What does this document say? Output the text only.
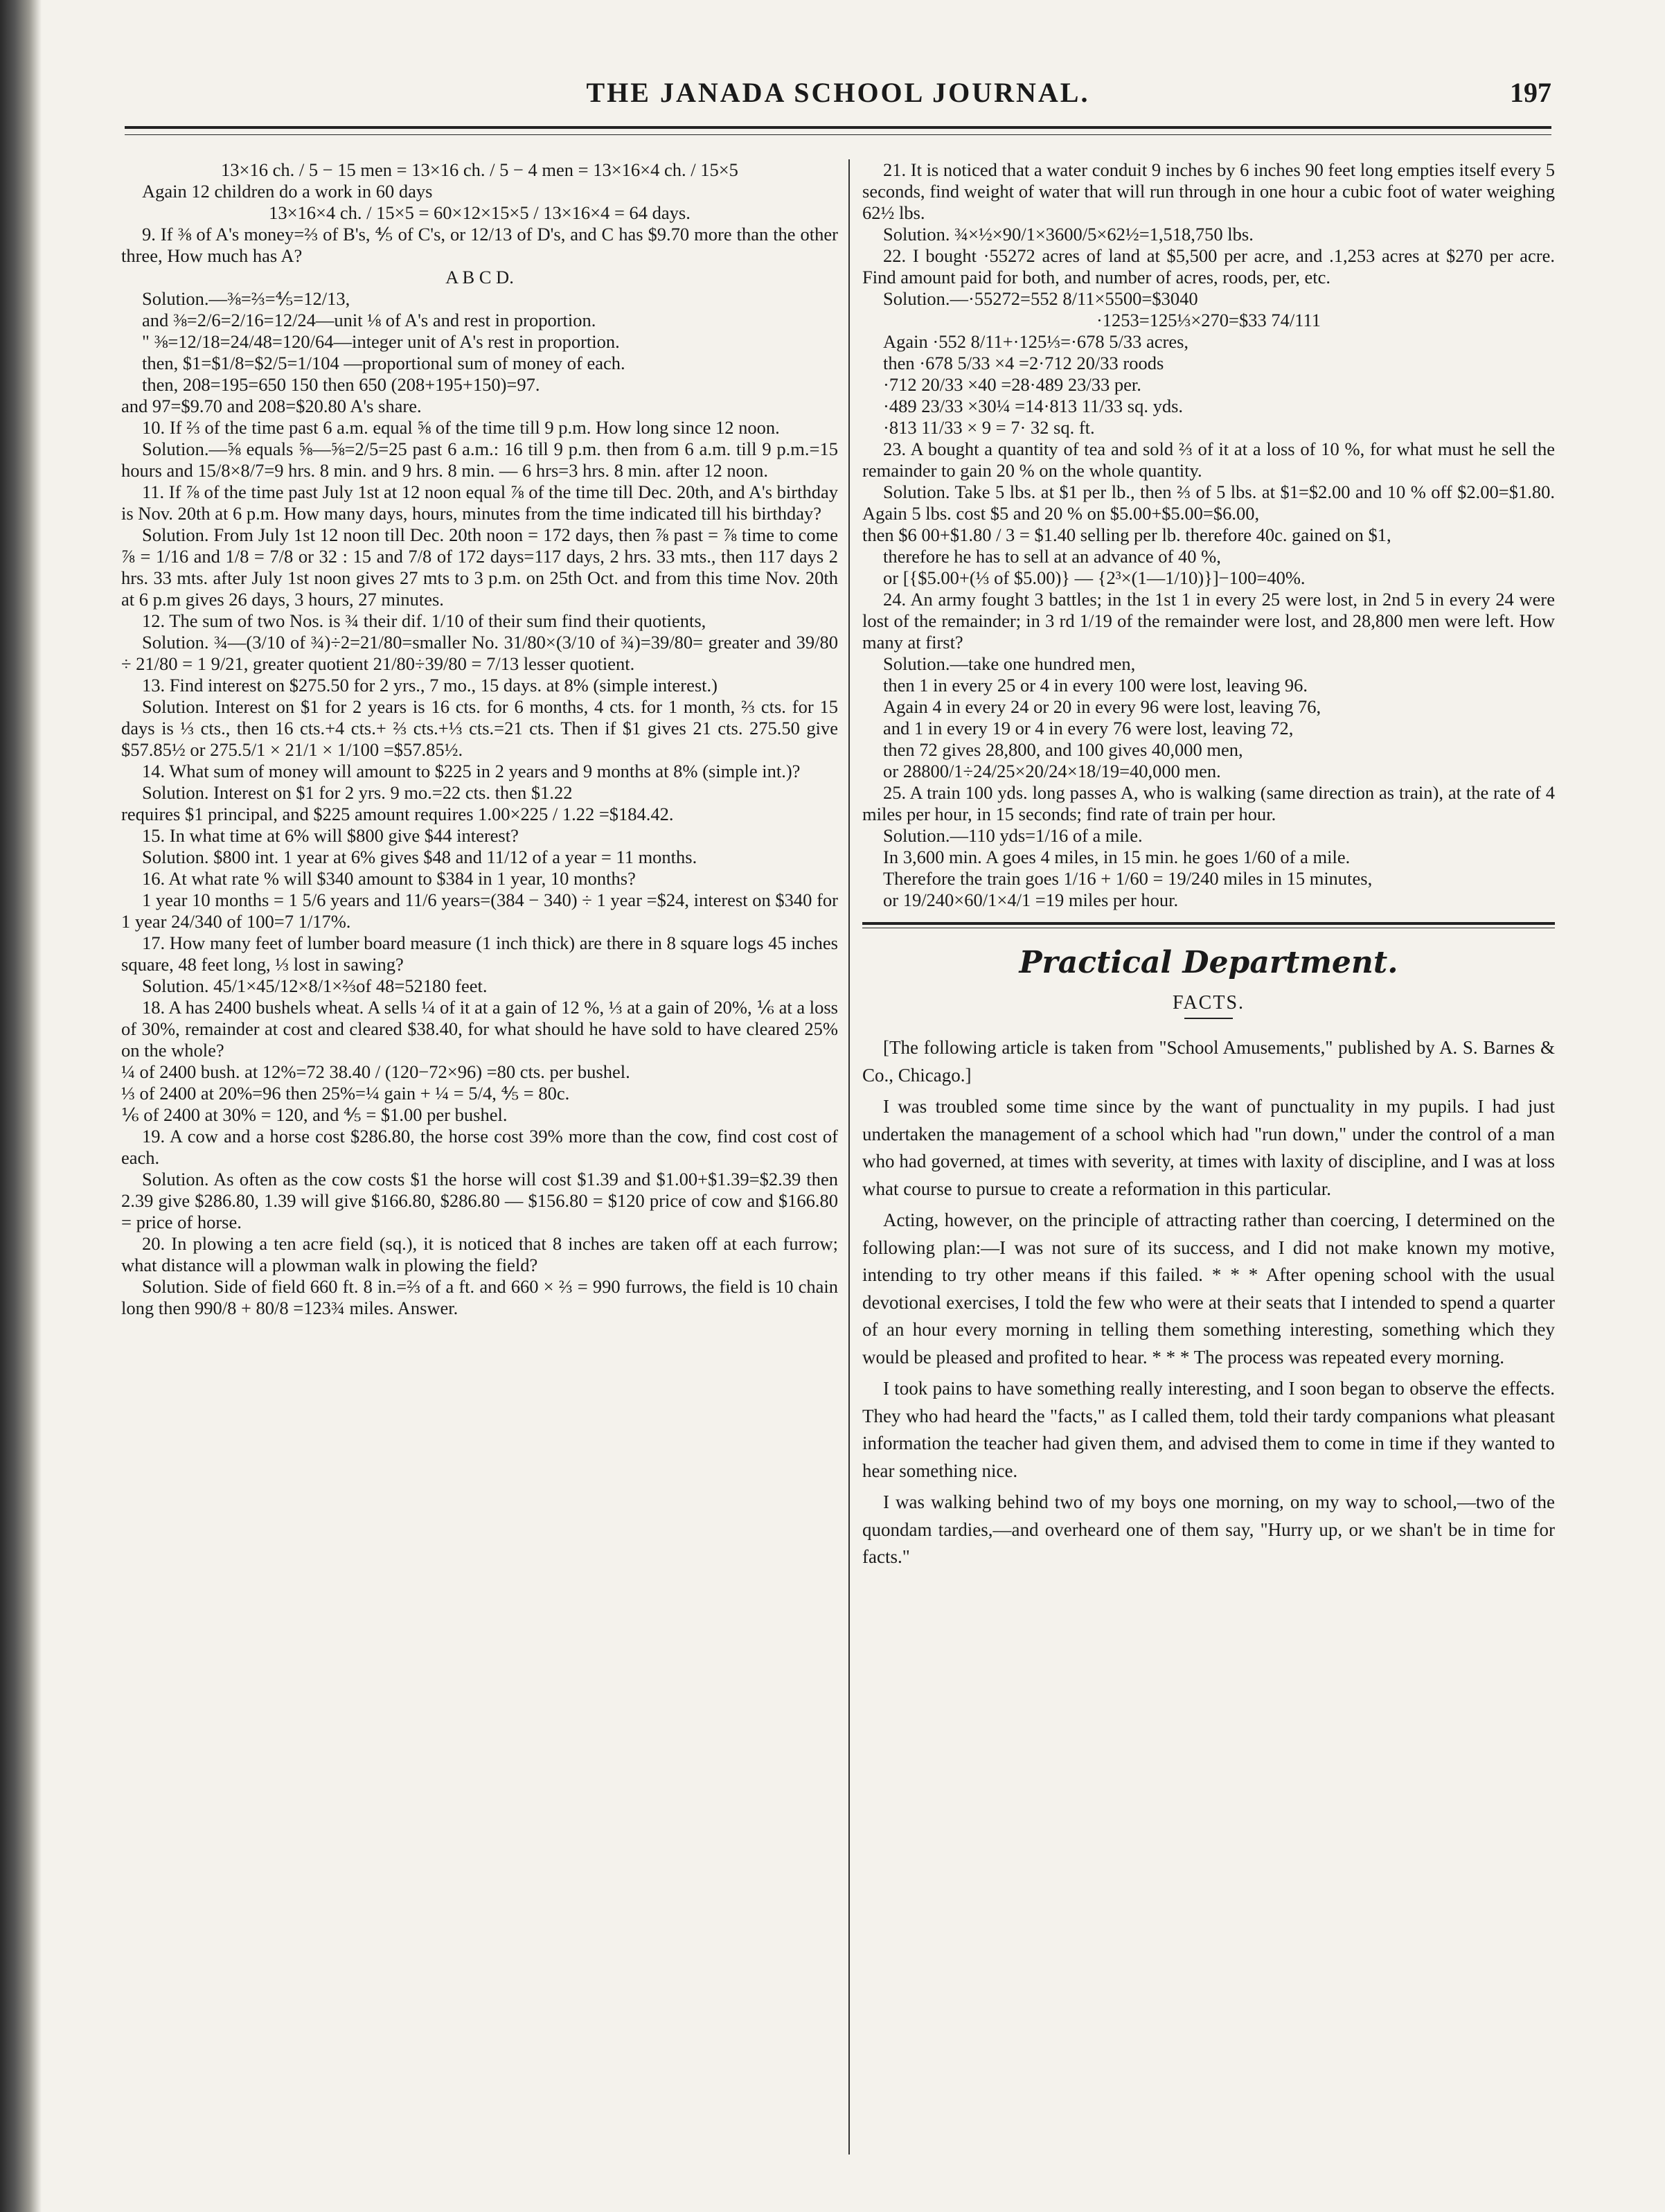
THE JANADA SCHOOL JOURNAL.	197

13×16 ch. / 5 − 15 men = 13×16 ch. / 5 − 4 men = 13×16×4 ch. / 15×5

Again 12 children do a work in 60 days

13×16×4 ch. / 15×5 = 60×12×15×5 / 13×16×4 = 64 days.

9. If ⅜ of A's money=⅔ of B's, ⅘ of C's, or 12/13 of D's, and C has $9.70 more than the other three, How much has A?

A B C D.

Solution.—⅜=⅔=⅘=12/13,

and ⅜=2/6=2/16=12/24—unit ⅛ of A's and rest in proportion.

" ⅜=12/18=24/48=120/64—integer unit of A's rest in proportion.

then, $1=$1/8=$2/5=1/104 —proportional sum of money of each.

then, 208=195=650 150 then 650 (208+195+150)=97.

and 97=$9.70 and 208=$20.80 A's share.

10. If ⅔ of the time past 6 a.m. equal ⅝ of the time till 9 p.m. How long since 12 noon.

Solution.—⅝ equals ⅝—⅝=2/5=25 past 6 a.m.: 16 till 9 p.m. then from 6 a.m. till 9 p.m.=15 hours and 15/8×8/7=9 hrs. 8 min. and 9 hrs. 8 min. — 6 hrs=3 hrs. 8 min. after 12 noon.

11. If ⅞ of the time past July 1st at 12 noon equal ⅞ of the time till Dec. 20th, and A's birthday is Nov. 20th at 6 p.m. How many days, hours, minutes from the time indicated till his birthday?

Solution. From July 1st 12 noon till Dec. 20th noon = 172 days, then ⅞ past = ⅞ time to come ⅞ = 1/16 and 1/8 = 7/8 or 32 : 15 and 7/8 of 172 days=117 days, 2 hrs. 33 mts., then 117 days 2 hrs. 33 mts. after July 1st noon gives 27 mts to 3 p.m. on 25th Oct. and from this time Nov. 20th at 6 p.m gives 26 days, 3 hours, 27 minutes.

12. The sum of two Nos. is ¾ their dif. 1/10 of their sum find their quotients,

Solution. ¾—(3/10 of ¾)÷2=21/80=smaller No. 31/80×(3/10 of ¾)=39/80= greater and 39/80 ÷ 21/80 = 1 9/21, greater quotient 21/80÷39/80 = 7/13 lesser quotient.

13. Find interest on $275.50 for 2 yrs., 7 mo., 15 days. at 8% (simple interest.)

Solution. Interest on $1 for 2 years is 16 cts. for 6 months, 4 cts. for 1 month, ⅔ cts. for 15 days is ⅓ cts., then 16 cts.+4 cts.+ ⅔ cts.+⅓ cts.=21 cts. Then if $1 gives 21 cts. 275.50 give $57.85½ or 275.5/1 × 21/1 × 1/100 =$57.85½.

14. What sum of money will amount to $225 in 2 years and 9 months at 8% (simple int.)?

Solution. Interest on $1 for 2 yrs. 9 mo.=22 cts. then $1.22

requires $1 principal, and $225 amount requires 1.00×225 / 1.22 =$184.42.

15. In what time at 6% will $800 give $44 interest?

Solution. $800 int. 1 year at 6% gives $48 and 11/12 of a year = 11 months.

16. At what rate % will $340 amount to $384 in 1 year, 10 months?

1 year 10 months = 1 5/6 years and 11/6 years=(384 − 340) ÷ 1 year =$24, interest on $340 for 1 year 24/340 of 100=7 1/17%.

17. How many feet of lumber board measure (1 inch thick) are there in 8 square logs 45 inches square, 48 feet long, ⅓ lost in sawing?

Solution. 45/1×45/12×8/1×⅔of 48=52180 feet.

18. A has 2400 bushels wheat. A sells ¼ of it at a gain of 12 %, ⅓ at a gain of 20%, ⅙ at a loss of 30%, remainder at cost and cleared $38.40, for what should he have sold to have cleared 25% on the whole?

¼ of 2400 bush. at 12%=72 38.40 / (120−72×96) =80 cts. per bushel.

⅓ of 2400 at 20%=96 then 25%=¼ gain + ¼ = 5/4, ⅘ = 80c.

⅙ of 2400 at 30% = 120, and ⅘ = $1.00 per bushel.

19. A cow and a horse cost $286.80, the horse cost 39% more than the cow, find cost cost of each.

Solution. As often as the cow costs $1 the horse will cost $1.39 and $1.00+$1.39=$2.39 then 2.39 give $286.80, 1.39 will give $166.80, $286.80 — $156.80 = $120 price of cow and $166.80 = price of horse.

20. In plowing a ten acre field (sq.), it is noticed that 8 inches are taken off at each furrow; what distance will a plowman walk in plowing the field?

Solution. Side of field 660 ft. 8 in.=⅔ of a ft. and 660 × ⅔ = 990 furrows, the field is 10 chain long then 990/8 + 80/8 =123¾ miles. Answer.

21. It is noticed that a water conduit 9 inches by 6 inches 90 feet long empties itself every 5 seconds, find weight of water that will run through in one hour a cubic foot of water weighing 62½ lbs.

Solution. ¾×½×90/1×3600/5×62½=1,518,750 lbs.

22. I bought ·55272 acres of land at $5,500 per acre, and .1,253 acres at $270 per acre. Find amount paid for both, and number of acres, roods, per, etc.

Solution.—·55272=552 8/11×5500=$3040

·1253=125⅓×270=$33 74/111

Again ·552 8/11+·125⅓=·678 5/33 acres,

then ·678 5/33 ×4 =2·712 20/33 roods

·712 20/33 ×40 =28·489 23/33 per.

·489 23/33 ×30¼ =14·813 11/33 sq. yds.

·813 11/33 × 9 = 7· 32 sq. ft.

23. A bought a quantity of tea and sold ⅔ of it at a loss of 10 %, for what must he sell the remainder to gain 20 % on the whole quantity.

Solution. Take 5 lbs. at $1 per lb., then ⅔ of 5 lbs. at $1=$2.00 and 10 % off $2.00=$1.80. Again 5 lbs. cost $5 and 20 % on $5.00+$5.00=$6.00,

then $6 00+$1.80 / 3 = $1.40 selling per lb. therefore 40c. gained on $1,

therefore he has to sell at an advance of 40 %,

or [{$5.00+(⅓ of $5.00)} — {2³×(1—1/10)}]−100=40%.

24. An army fought 3 battles; in the 1st 1 in every 25 were lost, in 2nd 5 in every 24 were lost of the remainder; in 3 rd 1/19 of the remainder were lost, and 28,800 men were left. How many at first?

Solution.—take one hundred men,

then 1 in every 25 or 4 in every 100 were lost, leaving 96.

Again 4 in every 24 or 20 in every 96 were lost, leaving 76,

and 1 in every 19 or 4 in every 76 were lost, leaving 72,

then 72 gives 28,800, and 100 gives 40,000 men,

or 28800/1÷24/25×20/24×18/19=40,000 men.

25. A train 100 yds. long passes A, who is walking (same direction as train), at the rate of 4 miles per hour, in 15 seconds; find rate of train per hour.

Solution.—110 yds=1/16 of a mile.

In 3,600 min. A goes 4 miles, in 15 min. he goes 1/60 of a mile.

Therefore the train goes 1/16 + 1/60 = 19/240 miles in 15 minutes,

or 19/240×60/1×4/1 =19 miles per hour.

Practical Department.
FACTS.

[The following article is taken from "School Amusements," published by A. S. Barnes & Co., Chicago.]

I was troubled some time since by the want of punctuality in my pupils. I had just undertaken the management of a school which had "run down," under the control of a man who had governed, at times with severity, at times with laxity of discipline, and I was at loss what course to pursue to create a reformation in this particular.

Acting, however, on the principle of attracting rather than coercing, I determined on the following plan:—I was not sure of its success, and I did not make known my motive, intending to try other means if this failed. * * * After opening school with the usual devotional exercises, I told the few who were at their seats that I intended to spend a quarter of an hour every morning in telling them something interesting, something which they would be pleased and profited to hear. * * * The process was repeated every morning.

I took pains to have something really interesting, and I soon began to observe the effects. They who had heard the "facts," as I called them, told their tardy companions what pleasant information the teacher had given them, and advised them to come in time if they wanted to hear something nice.

I was walking behind two of my boys one morning, on my way to school,—two of the quondam tardies,—and overheard one of them say, "Hurry up, or we shan't be in time for facts."
